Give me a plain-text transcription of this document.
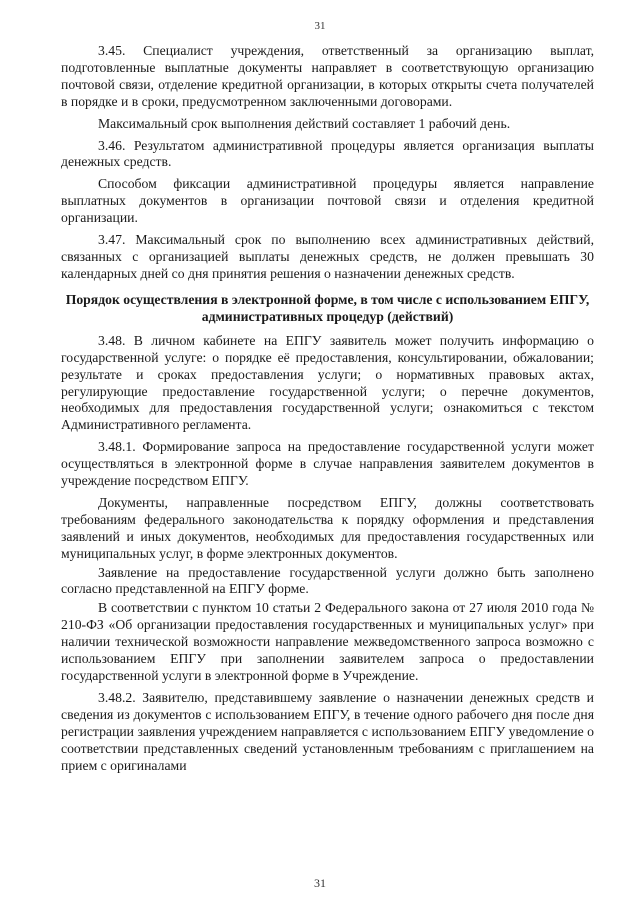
31

3.45. Специалист учреждения, ответственный за организацию выплат, подготовленные выплатные документы направляет в соответствующую организацию почтовой связи, отделение кредитной организации, в которых открыты счета получателей в порядке и в сроки, предусмотренном заключенными договорами.

Максимальный срок выполнения действий составляет 1 рабочий день.

3.46. Результатом административной процедуры является организация выплаты денежных средств.

Способом фиксации административной процедуры является направление выплатных документов в организации почтовой связи и отделения кредитной организации.

3.47. Максимальный срок по выполнению всех административных действий, связанных с организацией выплаты денежных средств, не должен превышать 30 календарных дней со дня принятия решения о назначении денежных средств.

Порядок осуществления в электронной форме, в том числе с использованием ЕПГУ, административных процедур (действий)

3.48. В личном кабинете на ЕПГУ заявитель может получить информацию о государственной услуге: о порядке её предоставления, консультировании, обжаловании; результате и сроках предоставления услуги; о нормативных правовых актах, регулирующие предоставление государственной услуги; о перечне документов, необходимых для предоставления государственной услуги; ознакомиться с текстом Административного регламента.

3.48.1. Формирование запроса на предоставление государственной услуги может осуществляться в электронной форме в случае направления заявителем документов в учреждение посредством ЕПГУ.

Документы, направленные посредством ЕПГУ, должны соответствовать требованиям федерального законодательства к порядку оформления и представления заявлений и иных документов, необходимых для предоставления государственных или муниципальных услуг, в форме электронных документов.

Заявление на предоставление государственной услуги должно быть заполнено согласно представленной на ЕПГУ форме.

В соответствии с пунктом 10 статьи 2 Федерального закона от 27 июля 2010 года № 210-ФЗ «Об организации предоставления государственных и муниципальных услуг» при наличии технической возможности направление межведомственного запроса возможно с использованием ЕПГУ при заполнении заявителем запроса о предоставлении государственной услуги в электронной форме в Учреждение.

3.48.2. Заявителю, представившему заявление о назначении денежных средств и сведения из документов с использованием ЕПГУ, в течение одного рабочего дня после дня регистрации заявления учреждением направляется с использованием ЕПГУ уведомление о соответствии представленных сведений установленным требованиям с приглашением на прием с оригиналами

31
